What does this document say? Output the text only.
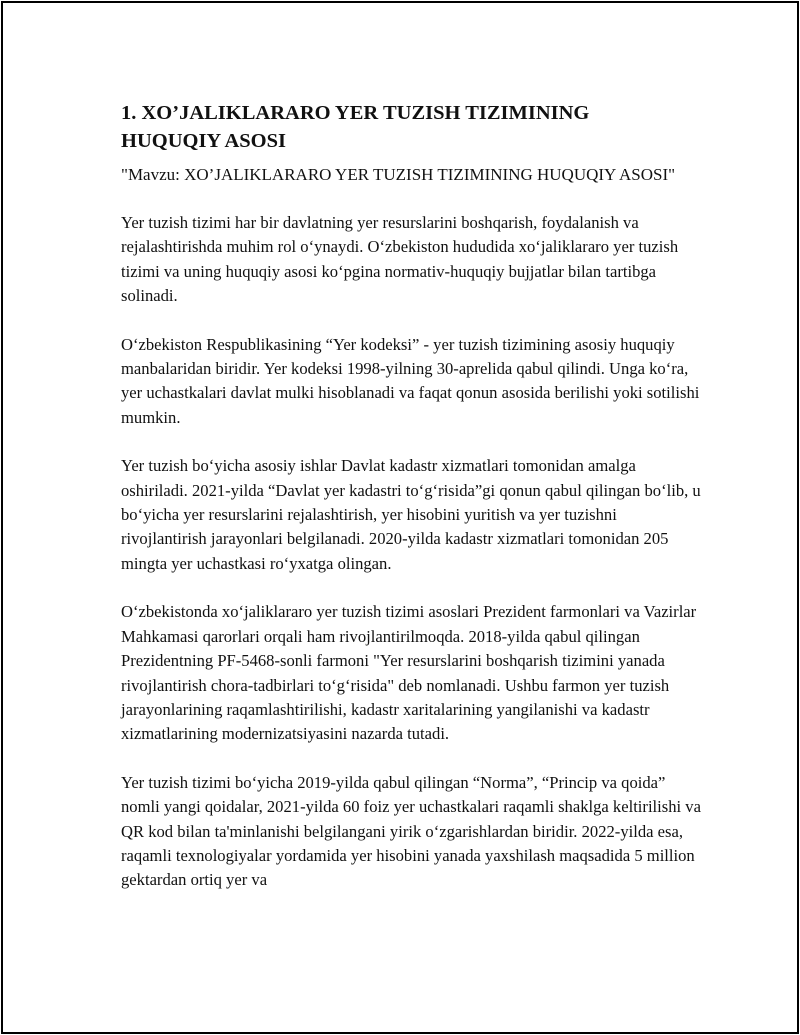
1. XO’JALIKLARARO YER TUZISH TIZIMINING HUQUQIY ASOSI
"Mavzu: XO’JALIKLARARO YER TUZISH TIZIMINING HUQUQIY ASOSI"

Yer tuzish tizimi har bir davlatning yer resurslarini boshqarish, foydalanish va rejalashtirishda muhim rol o‘ynaydi. O‘zbekiston hududida xo‘jaliklararo yer tuzish tizimi va uning huquqiy asosi ko‘pgina normativ-huquqiy bujjatlar bilan tartibga solinadi.

O‘zbekiston Respublikasining “Yer kodeksi” - yer tuzish tizimining asosiy huquqiy manbalaridan biridir. Yer kodeksi 1998-yilning 30-aprelida qabul qilindi. Unga ko‘ra, yer uchastkalari davlat mulki hisoblanadi va faqat qonun asosida berilishi yoki sotilishi mumkin.

Yer tuzish bo‘yicha asosiy ishlar Davlat kadastr xizmatlari tomonidan amalga oshiriladi. 2021-yilda “Davlat yer kadastri to‘g‘risida”gi qonun qabul qilingan bo‘lib, u bo‘yicha yer resurslarini rejalashtirish, yer hisobini yuritish va yer tuzishni rivojlantirish jarayonlari belgilanadi. 2020-yilda kadastr xizmatlari tomonidan 205 mingta yer uchastkasi ro‘yxatga olingan.

O‘zbekistonda xo‘jaliklararo yer tuzish tizimi asoslari Prezident farmonlari va Vazirlar Mahkamasi qarorlari orqali ham rivojlantirilmoqda. 2018-yilda qabul qilingan Prezidentning PF-5468-sonli farmoni "Yer resurslarini boshqarish tizimini yanada rivojlantirish chora-tadbirlari to‘g‘risida" deb nomlanadi. Ushbu farmon yer tuzish jarayonlarining raqamlashtirilishi, kadastr xaritalarining yangilanishi va kadastr xizmatlarining modernizatsiyasini nazarda tutadi.

Yer tuzish tizimi bo‘yicha 2019-yilda qabul qilingan “Norma”, “Princip va qoida” nomli yangi qoidalar, 2021-yilda 60 foiz yer uchastkalari raqamli shaklga keltirilishi va QR kod bilan ta'minlanishi belgilangani yirik o‘zgarishlardan biridir. 2022-yilda esa, raqamli texnologiyalar yordamida yer hisobini yanada yaxshilash maqsadida 5 million gektardan ortiq yer va
